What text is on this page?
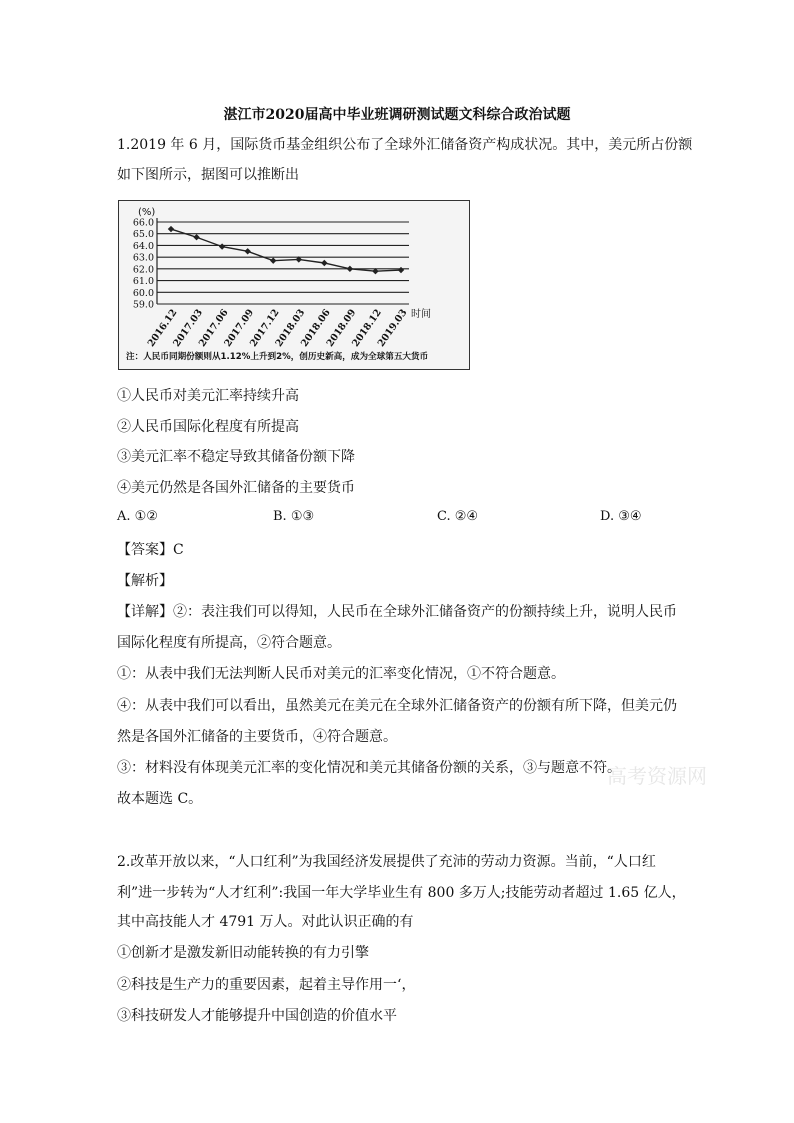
湛江市2020届高中毕业班调研测试题文科综合政治试题
1.2019 年 6 月，国际货币基金组织公布了全球外汇储备资产构成状况。其中，美元所占份额
如下图所示，据图可以推断出
(%)
66.0
65.0
64.0
63.0
62.0
61.0
60.0
59.0
2016.12
2017.03
2017.06
2017.09
2017.12
2018.03
2018.06
2018.09
2018.12
2019.03 时间
注：人民币同期份额则从1.12%上升到2%，创历史新高，成为全球第五大货币
①人民币对美元汇率持续升高
②人民币国际化程度有所提高
③美元汇率不稳定导致其储备份额下降
④美元仍然是各国外汇储备的主要货币
A. ①②	B. ①③	C. ②④	D. ③④
【答案】C
【解析】
【详解】②：表注我们可以得知，人民币在全球外汇储备资产的份额持续上升，说明人民币
国际化程度有所提高，②符合题意。
①：从表中我们无法判断人民币对美元的汇率变化情况，①不符合题意。
④：从表中我们可以看出，虽然美元在美元在全球外汇储备资产的份额有所下降，但美元仍
然是各国外汇储备的主要货币，④符合题意。
③：材料没有体现美元汇率的变化情况和美元其储备份额的关系，③与题意不符。
故本题选 C。
2.改革开放以来，“人口红利”为我国经济发展提供了充沛的劳动力资源。当前，“人口红
利”进一步转为“人才红利”:我国一年大学毕业生有 800 多万人;技能劳动者超过 1.65 亿人，
其中高技能人才 4791 万人。对此认识正确的有
①创新才是激发新旧动能转换的有力引擎
②科技是生产力的重要因素，起着主导作用一‘，
③科技研发人才能够提升中国创造的价值水平
高考资源网
